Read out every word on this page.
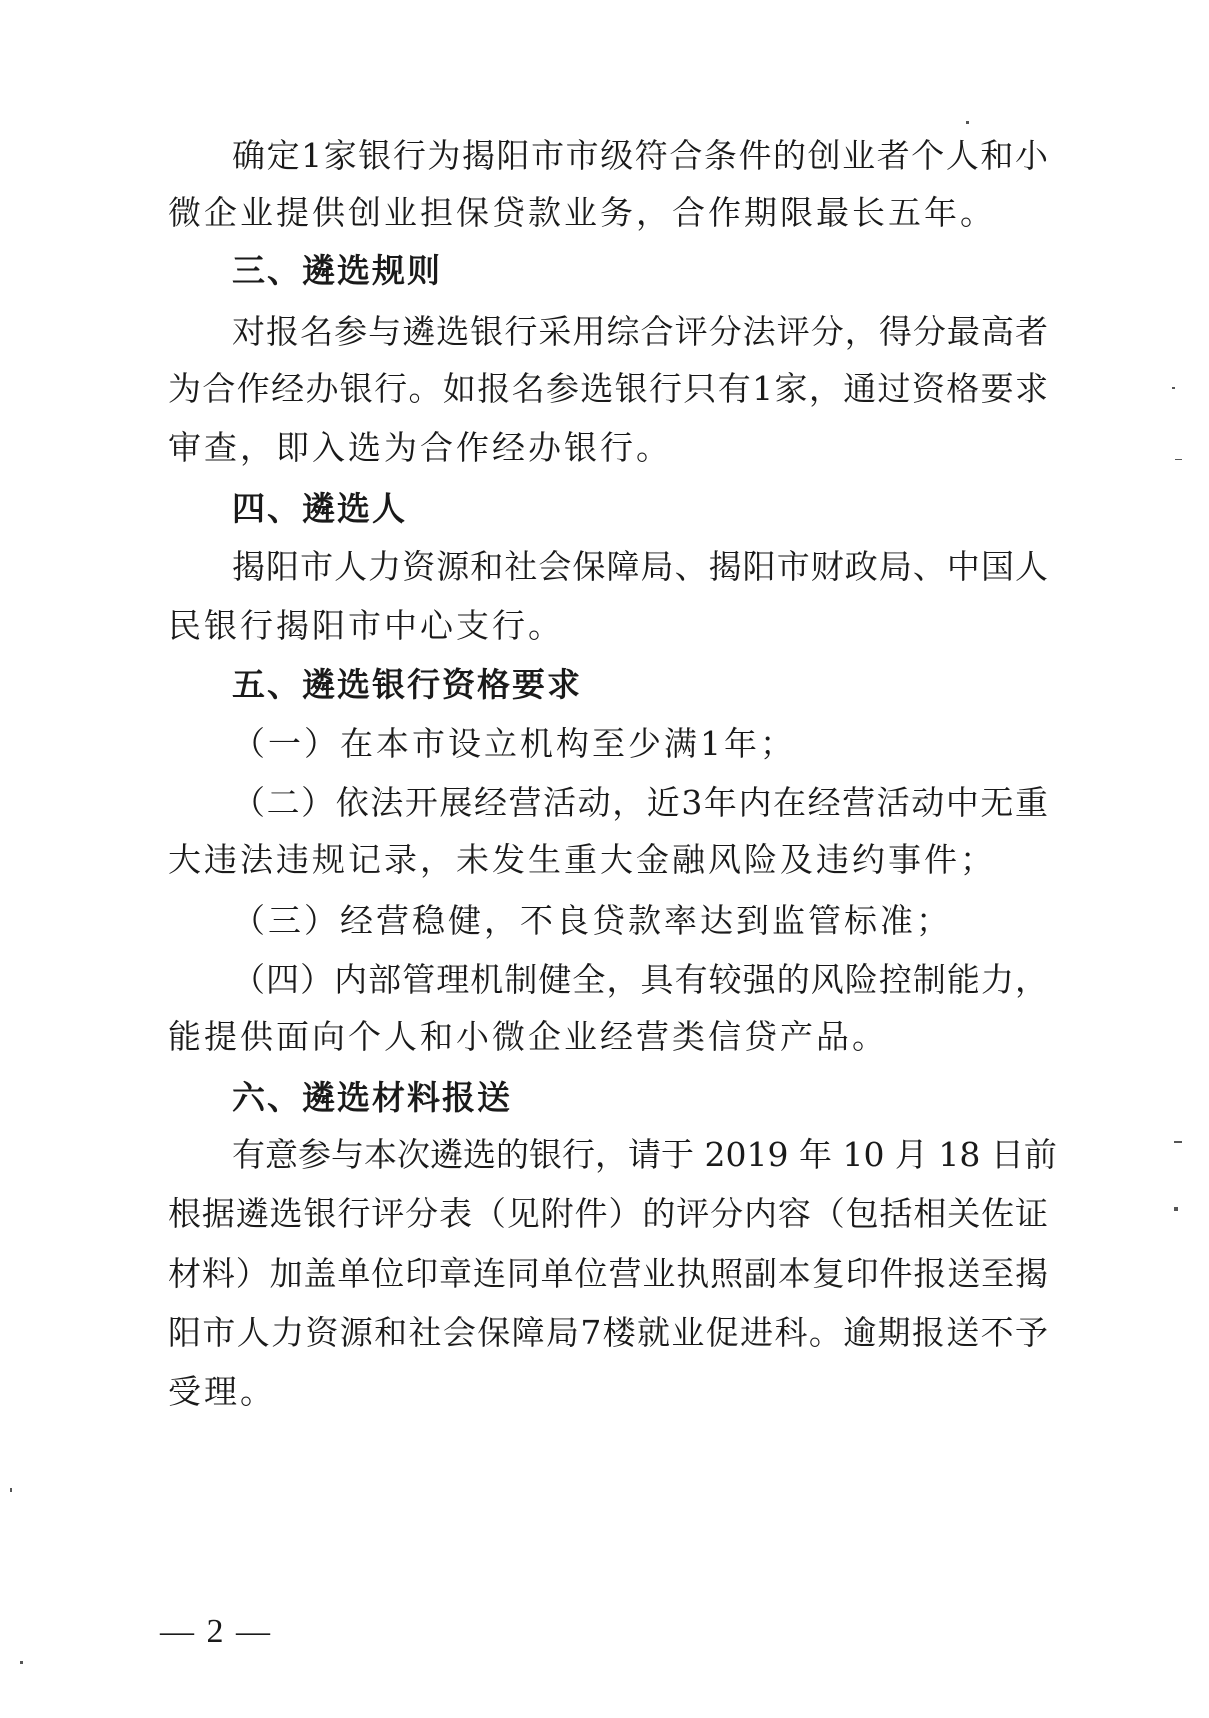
确定1家银行为揭阳市市级符合条件的创业者个人和小
微企业提供创业担保贷款业务，合作期限最长五年。
三、遴选规则
对报名参与遴选银行采用综合评分法评分，得分最高者
为合作经办银行。如报名参选银行只有1家，通过资格要求
审查，即入选为合作经办银行。
四、遴选人
揭阳市人力资源和社会保障局、揭阳市财政局、中国人
民银行揭阳市中心支行。
五、遴选银行资格要求
（一）在本市设立机构至少满1年；
（二）依法开展经营活动，近3年内在经营活动中无重
大违法违规记录，未发生重大金融风险及违约事件；
（三）经营稳健，不良贷款率达到监管标准；
（四）内部管理机制健全，具有较强的风险控制能力，
能提供面向个人和小微企业经营类信贷产品。
六、遴选材料报送
有意参与本次遴选的银行，请于 2019 年 10 月 18 日前
根据遴选银行评分表（见附件）的评分内容（包括相关佐证
材料）加盖单位印章连同单位营业执照副本复印件报送至揭
阳市人力资源和社会保障局7楼就业促进科。逾期报送不予
受理。
— 2 —
